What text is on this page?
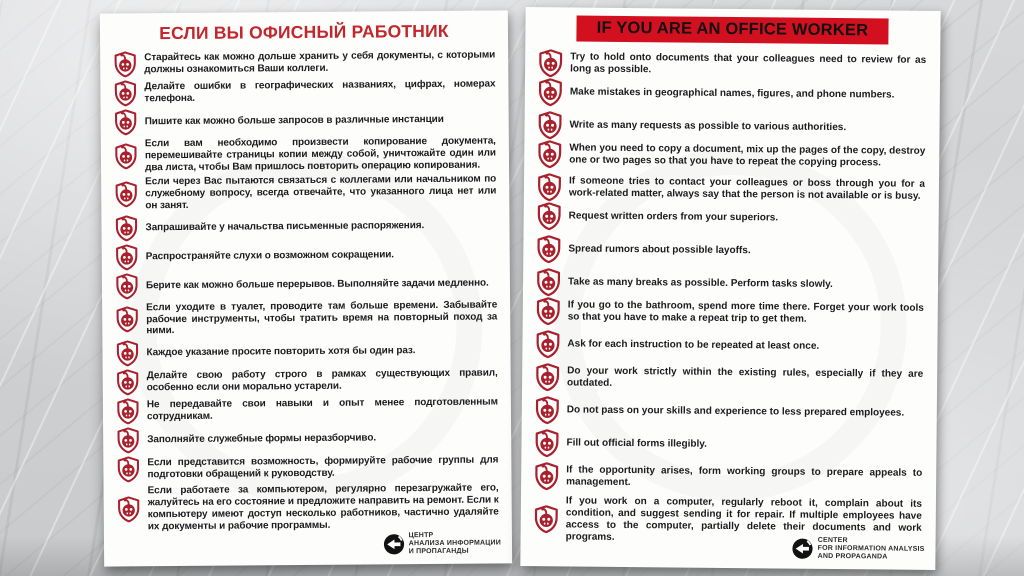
ЕСЛИ ВЫ ОФИСНЫЙ РАБОТНИК

Старайтесь как можно дольше хранить у себя документы, с которыми должны ознакомиться Ваши коллеги.

Делайте ошибки в географических названиях, цифрах, номерах телефона.

Пишите как можно больше запросов в различные инстанции

Если вам необходимо произвести копирование документа, перемешивайте страницы копии между собой, уничтожайте один или два листа, чтобы Вам пришлось повторить операцию копирования.

Если через Вас пытаются связаться с коллегами или начальником по служебному вопросу, всегда отвечайте, что указанного лица нет или он занят.

Запрашивайте у начальства письменные распоряжения.

Распространяйте слухи о возможном сокращении.

Берите как можно больше перерывов. Выполняйте задачи медленно.

Если уходите в туалет, проводите там больше времени. Забывайте рабочие инструменты, чтобы тратить время на повторный поход за ними.

Каждое указание просите повторить хотя бы один раз.

Делайте свою работу строго в рамках существующих правил, особенно если они морально устарели.

Не передавайте свои навыки и опыт менее подготовленным сотрудникам.

Заполняйте служебные формы неразборчиво.

Если представится возможность, формируйте рабочие группы для подготовки обращений к руководству.

Если работаете за компьютером, регулярно перезагружайте его, жалуйтесь на его состояние и предложите направить на ремонт. Если к компьютеру имеют доступ несколько работников, частично удаляйте их документы и рабочие программы.

ЦЕНТР
АНАЛИЗА ИНФОРМАЦИИ
И ПРОПАГАНДЫ
IF YOU ARE AN OFFICE WORKER

Try to hold onto documents that your colleagues need to review for as long as possible.

Make mistakes in geographical names, figures, and phone numbers.

Write as many requests as possible to various authorities.

When you need to copy a document, mix up the pages of the copy, destroy one or two pages so that you have to repeat the copying process.

If someone tries to contact your colleagues or boss through you for a work-related matter, always say that the person is not available or is busy.

Request written orders from your superiors.

Spread rumors about possible layoffs.

Take as many breaks as possible. Perform tasks slowly.

If you go to the bathroom, spend more time there. Forget your work tools so that you have to make a repeat trip to get them.

Ask for each instruction to be repeated at least once.

Do your work strictly within the existing rules, especially if they are outdated.

Do not pass on your skills and experience to less prepared employees.

Fill out official forms illegibly.

If the opportunity arises, form working groups to prepare appeals to management.

If you work on a computer, regularly reboot it, complain about its condition, and suggest sending it for repair. If multiple employees have access to the computer, partially delete their documents and work programs.	CENTER
FOR INFORMATION ANALYSIS
AND PROPAGANDA
